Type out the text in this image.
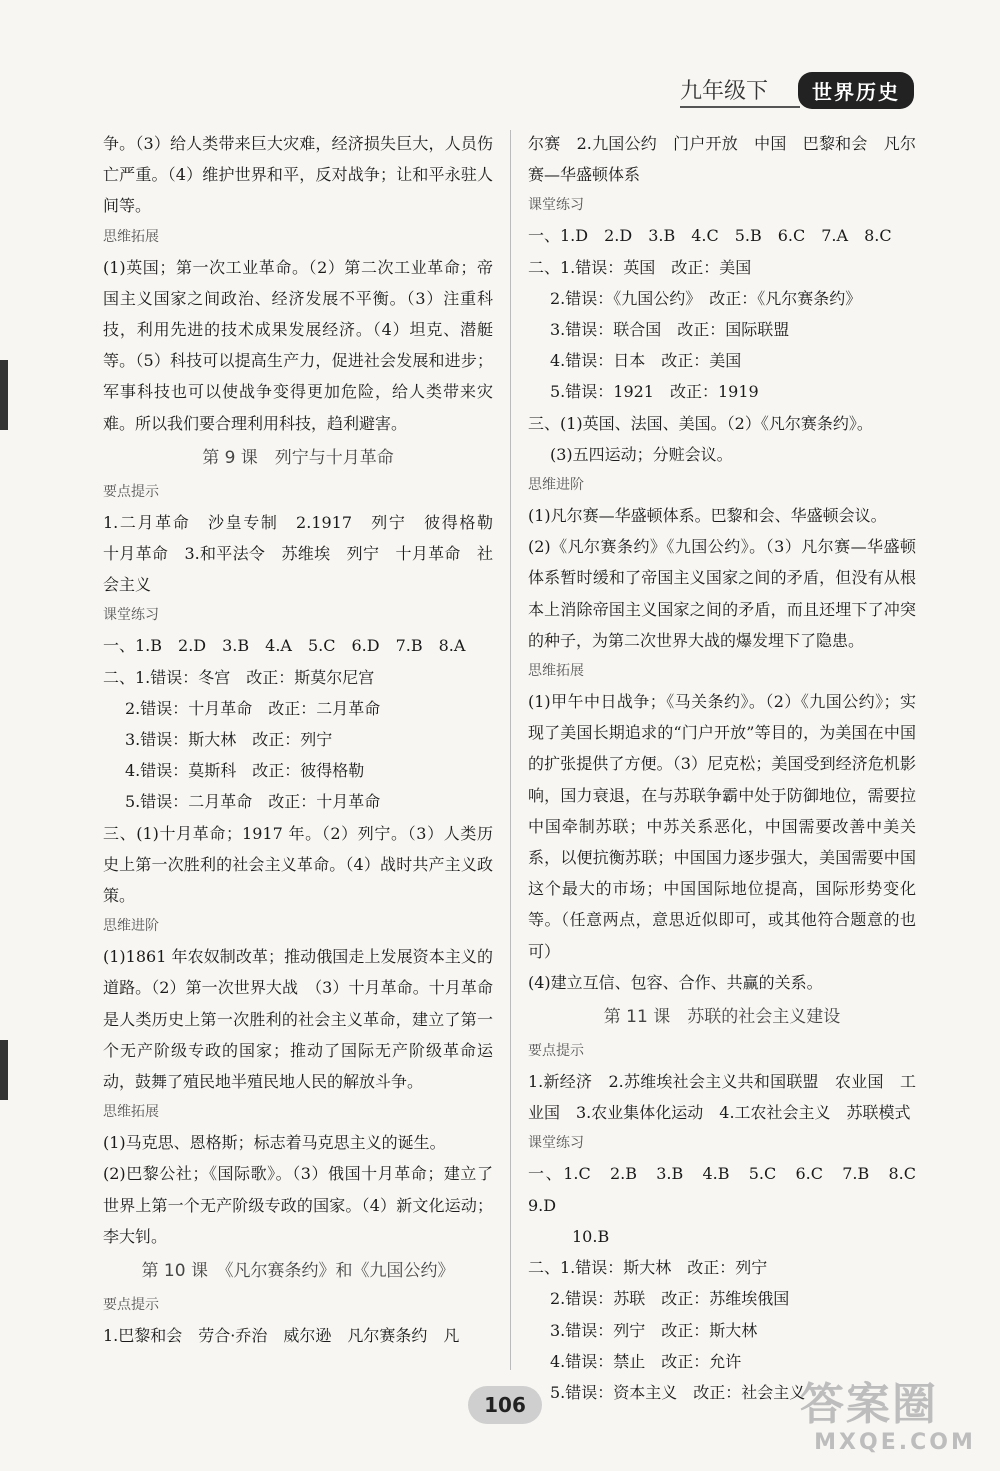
九年级下	世界历史

争。（3）给人类带来巨大灾难，经济损失巨大，人员伤亡严重。（4）维护世界和平，反对战争；让和平永驻人间等。

思维拓展

(1)英国；第一次工业革命。（2）第二次工业革命；帝国主义国家之间政治、经济发展不平衡。（3）注重科技，利用先进的技术成果发展经济。（4）坦克、潜艇等。（5）科技可以提高生产力，促进社会发展和进步；军事科技也可以使战争变得更加危险，给人类带来灾难。所以我们要合理利用科技，趋利避害。

第 9 课　列宁与十月革命

要点提示

1.二月革命　沙皇专制　2.1917　列宁　彼得格勒　十月革命　3.和平法令　苏维埃　列宁　十月革命　社会主义

课堂练习

一、1.B　2.D　3.B　4.A　5.C　6.D　7.B　8.A

二、1.错误：冬宫　改正：斯莫尔尼宫

2.错误：十月革命　改正：二月革命

3.错误：斯大林　改正：列宁

4.错误：莫斯科　改正：彼得格勒

5.错误：二月革命　改正：十月革命

三、(1)十月革命；1917 年。（2）列宁。（3）人类历史上第一次胜利的社会主义革命。（4）战时共产主义政策。

思维进阶

(1)1861 年农奴制改革；推动俄国走上发展资本主义的道路。（2）第一次世界大战　（3）十月革命。十月革命是人类历史上第一次胜利的社会主义革命，建立了第一个无产阶级专政的国家；推动了国际无产阶级革命运动，鼓舞了殖民地半殖民地人民的解放斗争。

思维拓展

(1)马克思、恩格斯；标志着马克思主义的诞生。

(2)巴黎公社；《国际歌》。（3）俄国十月革命；建立了世界上第一个无产阶级专政的国家。（4）新文化运动；李大钊。

第 10 课　《凡尔赛条约》和《九国公约》

要点提示

1.巴黎和会　劳合·乔治　威尔逊　凡尔赛条约　凡

尔赛　2.九国公约　门户开放　中国　巴黎和会　凡尔赛—华盛顿体系

课堂练习

一、1.D　2.D　3.B　4.C　5.B　6.C　7.A　8.C

二、1.错误：英国　改正：美国

2.错误：《九国公约》　改正：《凡尔赛条约》

3.错误：联合国　改正：国际联盟

4.错误：日本　改正：美国

5.错误：1921　改正：1919

三、(1)英国、法国、美国。（2）《凡尔赛条约》。

(3)五四运动；分赃会议。

思维进阶

(1)凡尔赛—华盛顿体系。巴黎和会、华盛顿会议。

(2)《凡尔赛条约》《九国公约》。（3）凡尔赛—华盛顿体系暂时缓和了帝国主义国家之间的矛盾，但没有从根本上消除帝国主义国家之间的矛盾，而且还埋下了冲突的种子，为第二次世界大战的爆发埋下了隐患。

思维拓展

(1)甲午中日战争；《马关条约》。（2）《九国公约》；实现了美国长期追求的“门户开放”等目的，为美国在中国的扩张提供了方便。（3）尼克松；美国受到经济危机影响，国力衰退，在与苏联争霸中处于防御地位，需要拉中国牵制苏联；中苏关系恶化，中国需要改善中美关系，以便抗衡苏联；中国国力逐步强大，美国需要中国这个最大的市场；中国国际地位提高，国际形势变化等。（任意两点，意思近似即可，或其他符合题意的也可）

(4)建立互信、包容、合作、共赢的关系。

第 11 课　苏联的社会主义建设

要点提示

1.新经济　2.苏维埃社会主义共和国联盟　农业国　工业国　3.农业集体化运动　4.工农社会主义　苏联模式

课堂练习

一、1.C　2.B　3.B　4.B　5.C　6.C　7.B　8.C　9.D

10.B

二、1.错误：斯大林　改正：列宁

2.错误：苏联　改正：苏维埃俄国

3.错误：列宁　改正：斯大林

4.错误：禁止　改正：允许

5.错误：资本主义　改正：社会主义

106	答案圈
MXQE.COM
